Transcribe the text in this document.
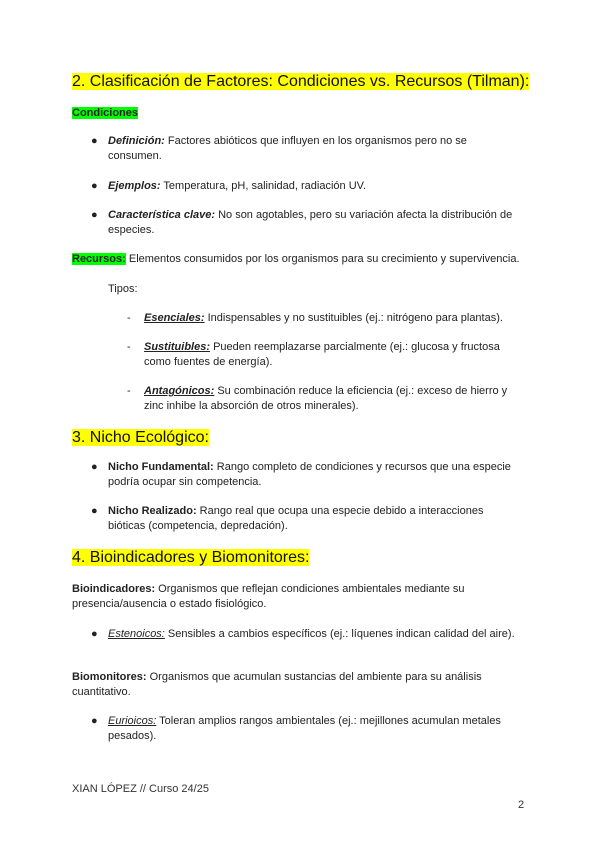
2. Clasificación de Factores: Condiciones vs. Recursos (Tilman):
Condiciones
● Definición: Factores abióticos que influyen en los organismos pero no se
consumen.
● Ejemplos: Temperatura, pH, salinidad, radiación UV.
● Característica clave: No son agotables, pero su variación afecta la distribución de
especies.
Recursos: Elementos consumidos por los organismos para su crecimiento y supervivencia.
Tipos:
- Esenciales: Indispensables y no sustituibles (ej.: nitrógeno para plantas).
- Sustituibles: Pueden reemplazarse parcialmente (ej.: glucosa y fructosa
como fuentes de energía).
- Antagónicos: Su combinación reduce la eficiencia (ej.: exceso de hierro y
zinc inhibe la absorción de otros minerales).
3. Nicho Ecológico:
● Nicho Fundamental: Rango completo de condiciones y recursos que una especie
podría ocupar sin competencia.
● Nicho Realizado: Rango real que ocupa una especie debido a interacciones
bióticas (competencia, depredación).
4. Bioindicadores y Biomonitores:
Bioindicadores: Organismos que reflejan condiciones ambientales mediante su
presencia/ausencia o estado fisiológico.
● Estenoicos: Sensibles a cambios específicos (ej.: líquenes indican calidad del aire).
Biomonitores: Organismos que acumulan sustancias del ambiente para su análisis
cuantitativo.
● Eurioicos: Toleran amplios rangos ambientales (ej.: mejillones acumulan metales
pesados).
XIAN LÓPEZ // Curso 24/25
2
